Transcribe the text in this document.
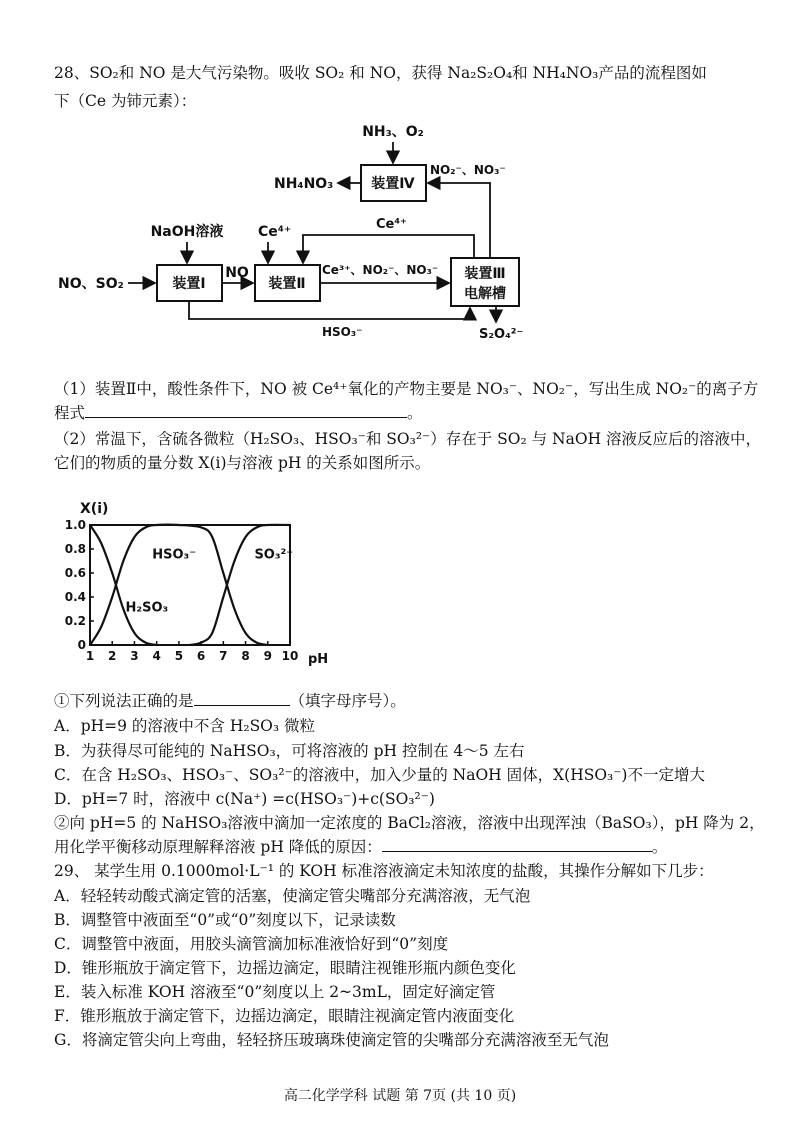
28、SO₂和 NO 是大气污染物。吸收 SO₂ 和 NO，获得 Na₂S₂O₄和 NH₄NO₃产品的流程图如
下（Ce 为铈元素）：
装置Ⅳ
装置Ⅰ	装置Ⅱ
装置Ⅲ
电解槽
NH₃、O₂
NH₄NO₃
NO₂⁻、NO₃⁻
NaOH溶液 Ce⁴⁺	Ce⁴⁺
NO、SO₂
NO	Ce³⁺、NO₂⁻、NO₃⁻
HSO₃⁻	S₂O₄²⁻
（1）装置Ⅱ中，酸性条件下，NO 被 Ce⁴⁺氧化的产物主要是 NO₃⁻、NO₂⁻，写出生成 NO₂⁻的离子方
程式	。
（2）常温下，含硫各微粒（H₂SO₃、HSO₃⁻和 SO₃²⁻）存在于 SO₂ 与 NaOH 溶液反应后的溶液中，
它们的物质的量分数 X(i)与溶液 pH 的关系如图所示。
X(i)
pH
0
0.2
0.4
0.6
0.8
1.0
1 2 3 4 5 6 7 8 9 10
H₂SO₃
HSO₃⁻	SO₃²⁻
①下列说法正确的是	（填字母序号）。
A．pH=9 的溶液中不含 H₂SO₃ 微粒
B．为获得尽可能纯的 NaHSO₃，可将溶液的 pH 控制在 4～5 左右
C．在含 H₂SO₃、HSO₃⁻、SO₃²⁻的溶液中，加入少量的 NaOH 固体，X(HSO₃⁻)不一定增大
D．pH=7 时，溶液中 c(Na⁺) =c(HSO₃⁻)+c(SO₃²⁻)
②向 pH=5 的 NaHSO₃溶液中滴加一定浓度的 BaCl₂溶液，溶液中出现浑浊（BaSO₃），pH 降为 2，
用化学平衡移动原理解释溶液 pH 降低的原因：	。
29、 某学生用 0.1000mol·L⁻¹ 的 KOH 标准溶液滴定未知浓度的盐酸，其操作分解如下几步：
A．轻轻转动酸式滴定管的活塞，使滴定管尖嘴部分充满溶液，无气泡
B．调整管中液面至“0”或“0”刻度以下，记录读数
C．调整管中液面，用胶头滴管滴加标准液恰好到“0”刻度
D．锥形瓶放于滴定管下，边摇边滴定，眼睛注视锥形瓶内颜色变化
E．装入标准 KOH 溶液至“0”刻度以上 2~3mL，固定好滴定管
F．锥形瓶放于滴定管下，边摇边滴定，眼睛注视滴定管内液面变化
G．将滴定管尖向上弯曲，轻轻挤压玻璃珠使滴定管的尖嘴部分充满溶液至无气泡
高二化学学科 试题 第 7页 (共 10 页)
